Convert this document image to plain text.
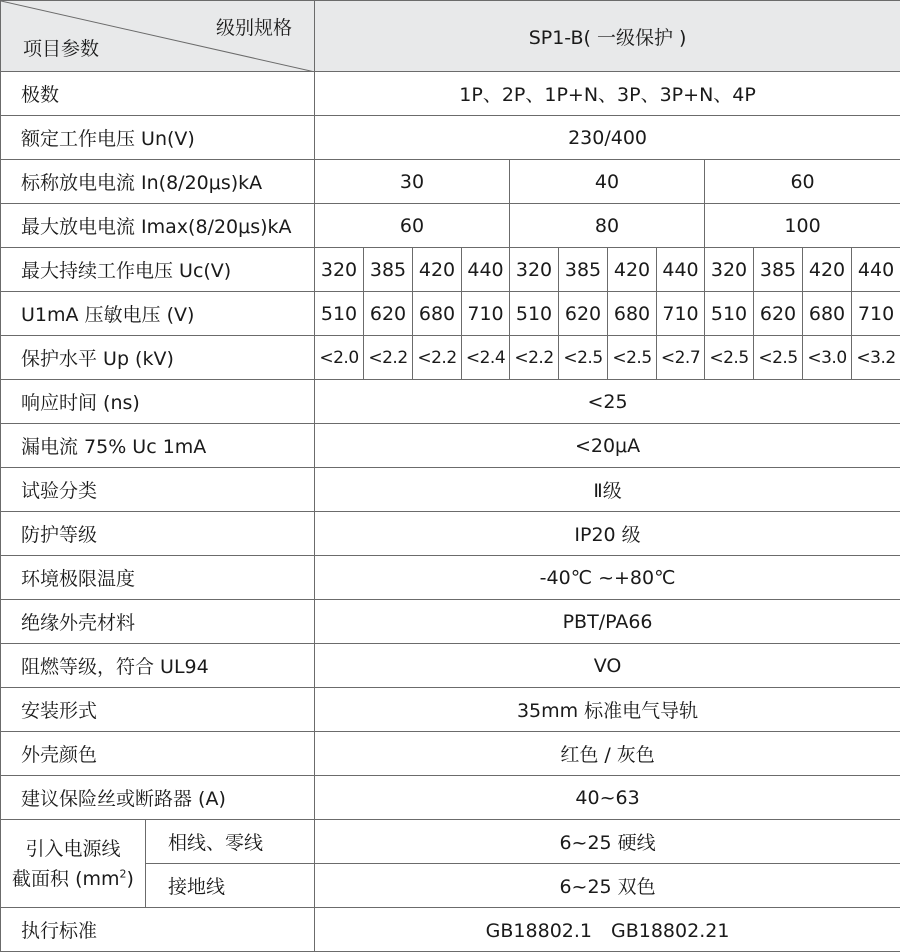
级别规格
项目参数		SP1-B( 一级保护 )											
极数		1P、2P、1P+N、3P、3P+N、4P											
额定工作电压 Un(V)		230/400											
标称放电电流 In(8/20μs)kA		30				40				60			
最大放电电流 Imax(8/20μs)kA		60				80				100			
最大持续工作电压 Uc(V)		320	385	420	440	320	385	420	440	320	385	420	440
U1mA 压敏电压 (V)		510	620	680	710	510	620	680	710	510	620	680	710
保护水平 Up (kV)		<2.0	<2.2	<2.2	<2.4	<2.2	<2.5	<2.5	<2.7	<2.5	<2.5	<3.0	<3.2
响应时间 (ns)		<25											
漏电流 75% Uc 1mA		<20μA											
试验分类		Ⅱ级											
防护等级		IP20 级											
环境极限温度		-40℃ ~+80℃											
绝缘外壳材料		PBT/PA66											
阻燃等级，符合 UL94		VO											
安装形式		35mm 标准电气导轨											
外壳颜色		红色 / 灰色											
建议保险丝或断路器 (A)		40~63											
引入电源线
截面积 $(mm^2)$	相线、零线	6~25 硬线											
	接地线	6~25 双色											
执行标准		GB18802.1　GB18802.21											
